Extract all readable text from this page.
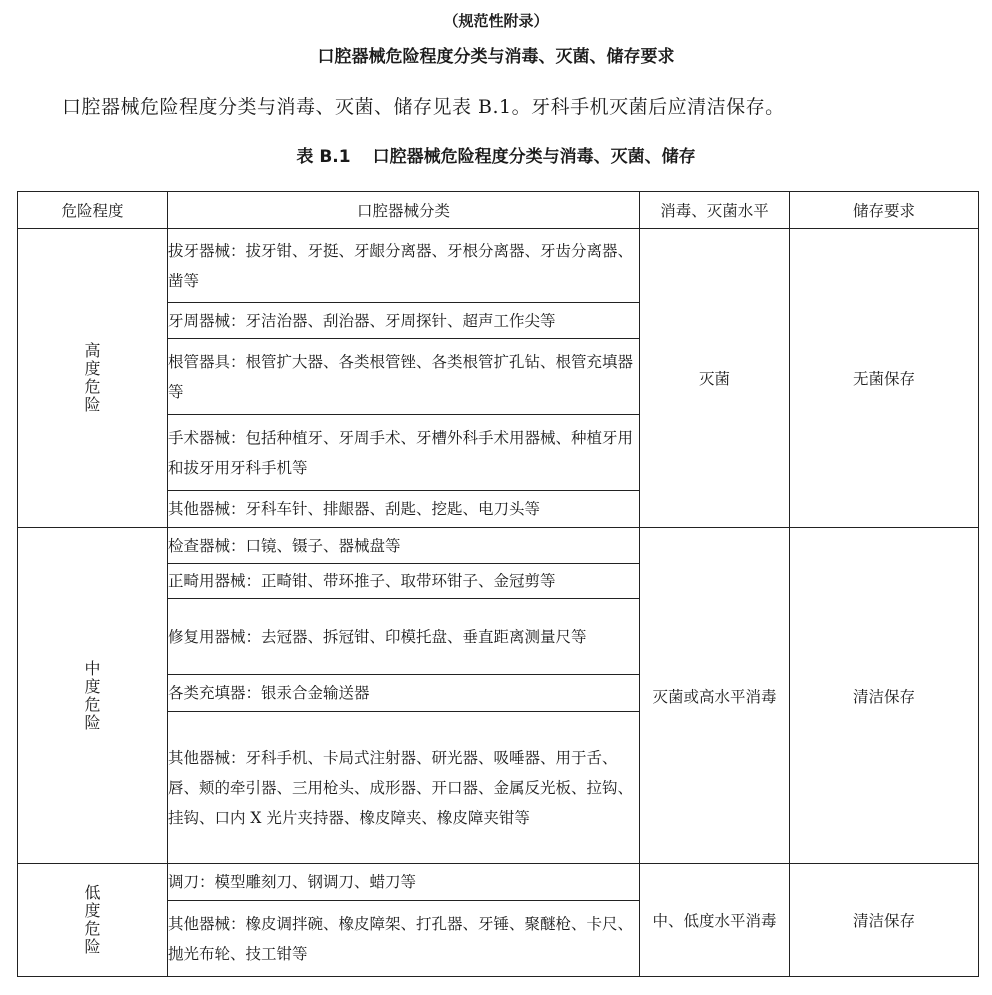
（规范性附录）
口腔器械危险程度分类与消毒、灭菌、储存要求
口腔器械危险程度分类与消毒、灭菌、储存见表 B.1。牙科手机灭菌后应清洁保存。
表 B.1 口腔器械危险程度分类与消毒、灭菌、储存
危险程度	口腔器械分类	消毒、灭菌水平	储存要求
高度危险	拔牙器械：拔牙钳、牙挺、牙龈分离器、牙根分离器、牙齿分离器、凿等	灭菌	无菌保存
	牙周器械：牙洁治器、刮治器、牙周探针、超声工作尖等		
	根管器具：根管扩大器、各类根管锉、各类根管扩孔钻、根管充填器等		
	手术器械：包括种植牙、牙周手术、牙槽外科手术用器械、种植牙用和拔牙用牙科手机等		
	其他器械：牙科车针、排龈器、刮匙、挖匙、电刀头等		
中度危险	检查器械：口镜、镊子、器械盘等	灭菌或高水平消毒	清洁保存
	正畸用器械：正畸钳、带环推子、取带环钳子、金冠剪等		
	修复用器械：去冠器、拆冠钳、印模托盘、垂直距离测量尺等		
	各类充填器：银汞合金输送器		
	其他器械：牙科手机、卡局式注射器、研光器、吸唾器、用于舌、唇、颊的牵引器、三用枪头、成形器、开口器、金属反光板、拉钩、挂钩、口内 X 光片夹持器、橡皮障夹、橡皮障夹钳等		
低度危险	调刀：模型雕刻刀、钢调刀、蜡刀等	中、低度水平消毒	清洁保存
	其他器械：橡皮调拌碗、橡皮障架、打孔器、牙锤、聚醚枪、卡尺、抛光布轮、技工钳等		
